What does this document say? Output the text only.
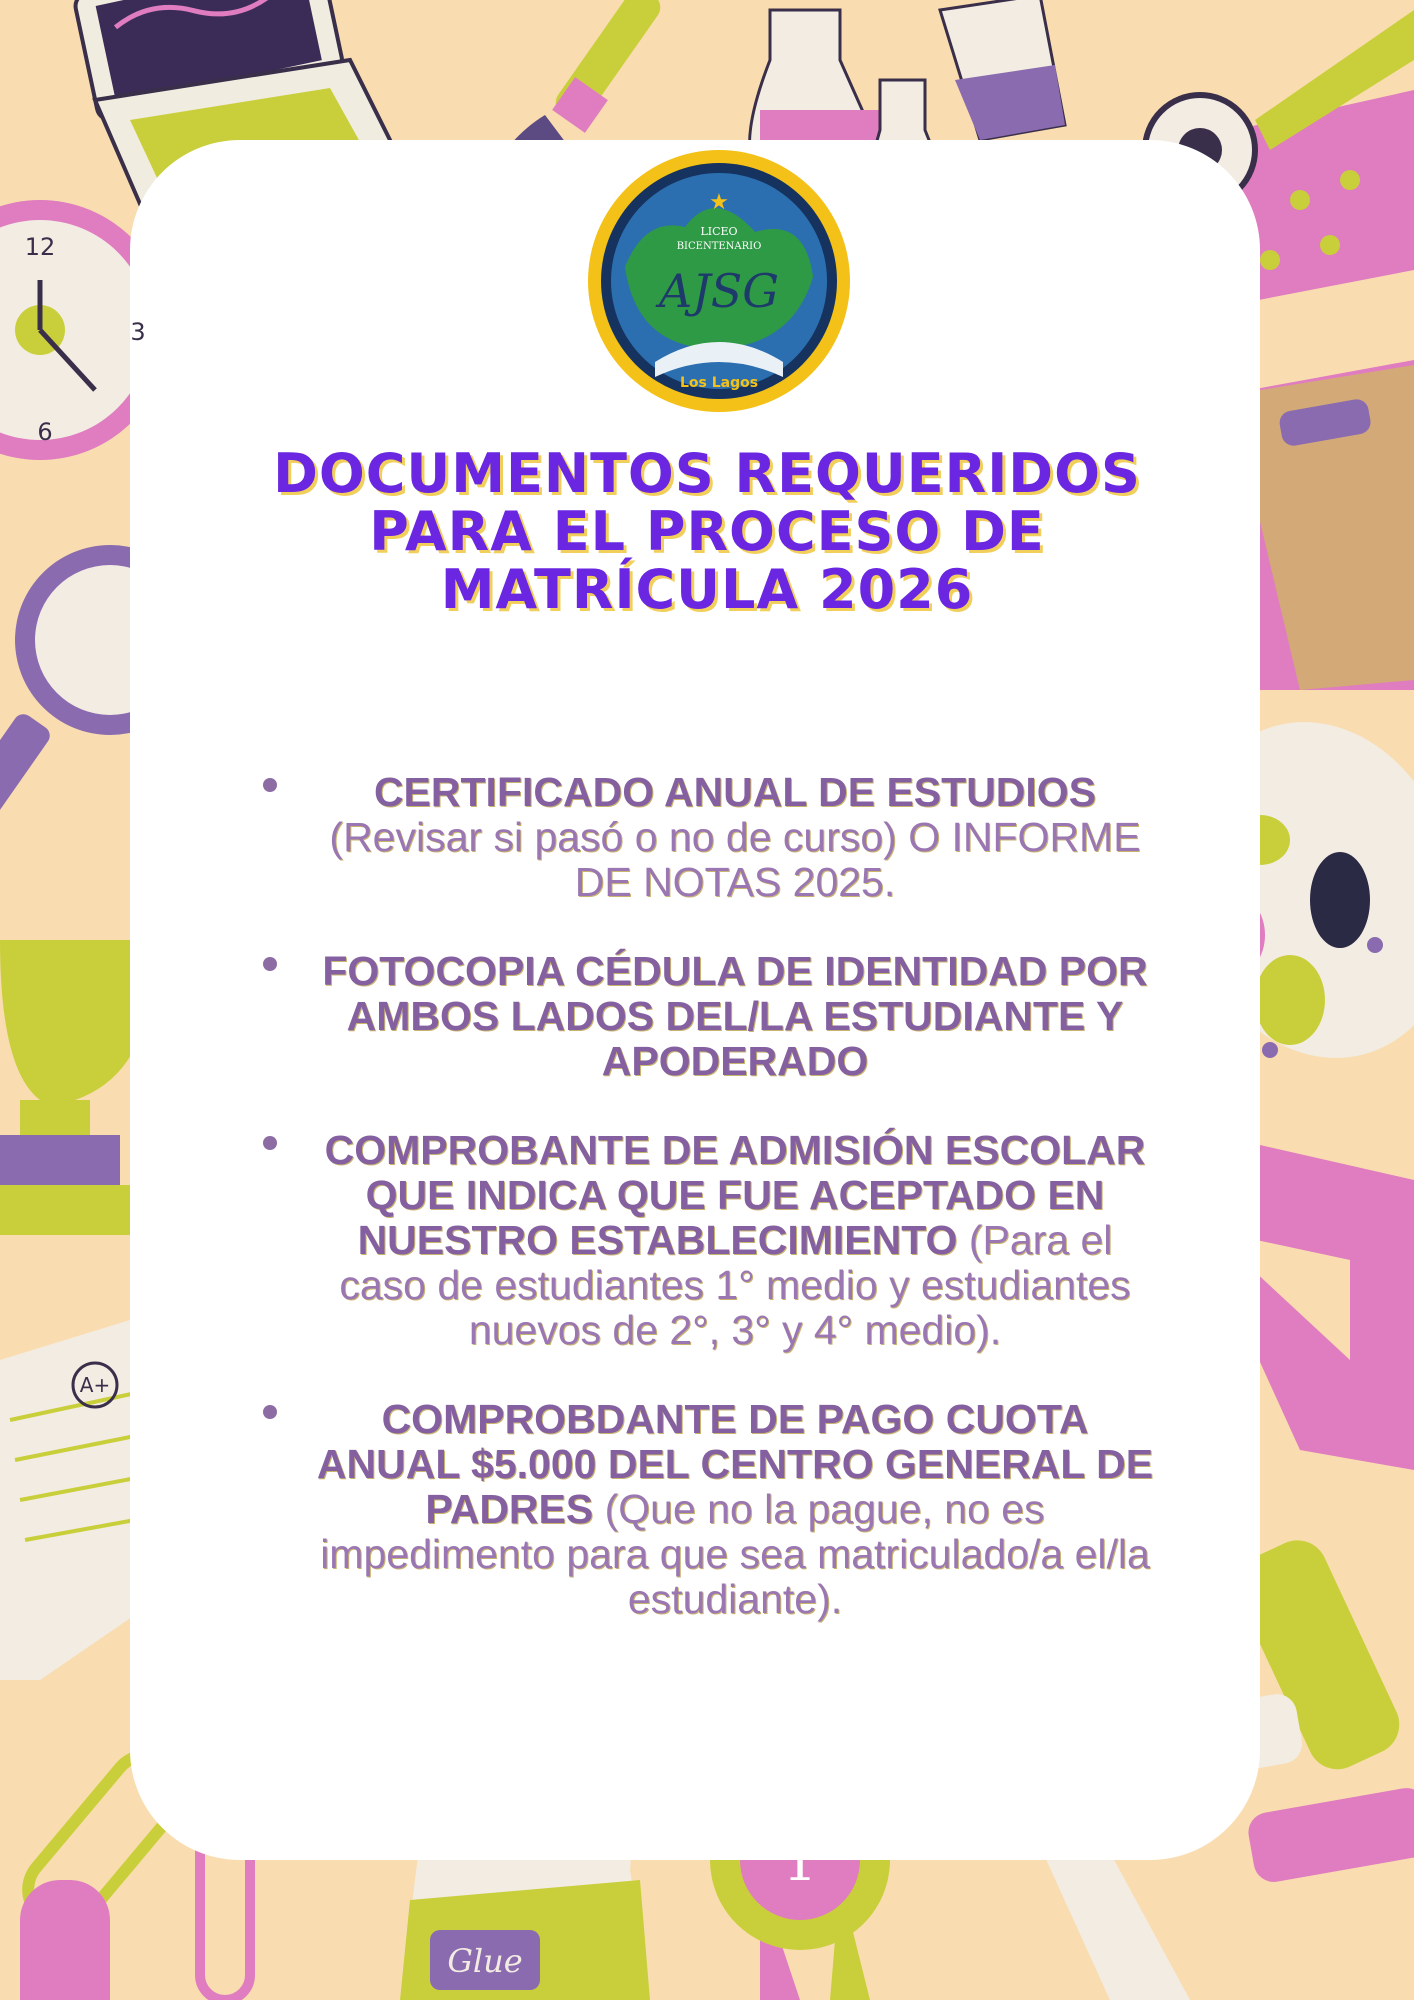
★
LICEO
BICENTENARIO
AJSG
Los Lagos
DOCUMENTOS REQUERIDOS
PARA EL PROCESO DE
MATRÍCULA 2026
CERTIFICADO ANUAL DE ESTUDIOS (Revisar si pasó o no de curso) O INFORME DE NOTAS 2025.
FOTOCOPIA CÉDULA DE IDENTIDAD POR AMBOS LADOS DEL/LA ESTUDIANTE Y APODERADO
COMPROBANTE DE ADMISIÓN ESCOLAR QUE INDICA QUE FUE ACEPTADO EN NUESTRO ESTABLECIMIENTO (Para el caso de estudiantes 1° medio y estudiantes nuevos de 2°, 3° y 4° medio).
COMPROBDANTE DE PAGO CUOTA ANUAL $5.000 DEL CENTRO GENERAL DE PADRES (Que no la pague, no es impedimento para que sea matriculado/a el/la estudiante).
12
3
6
A+
1
Glue
